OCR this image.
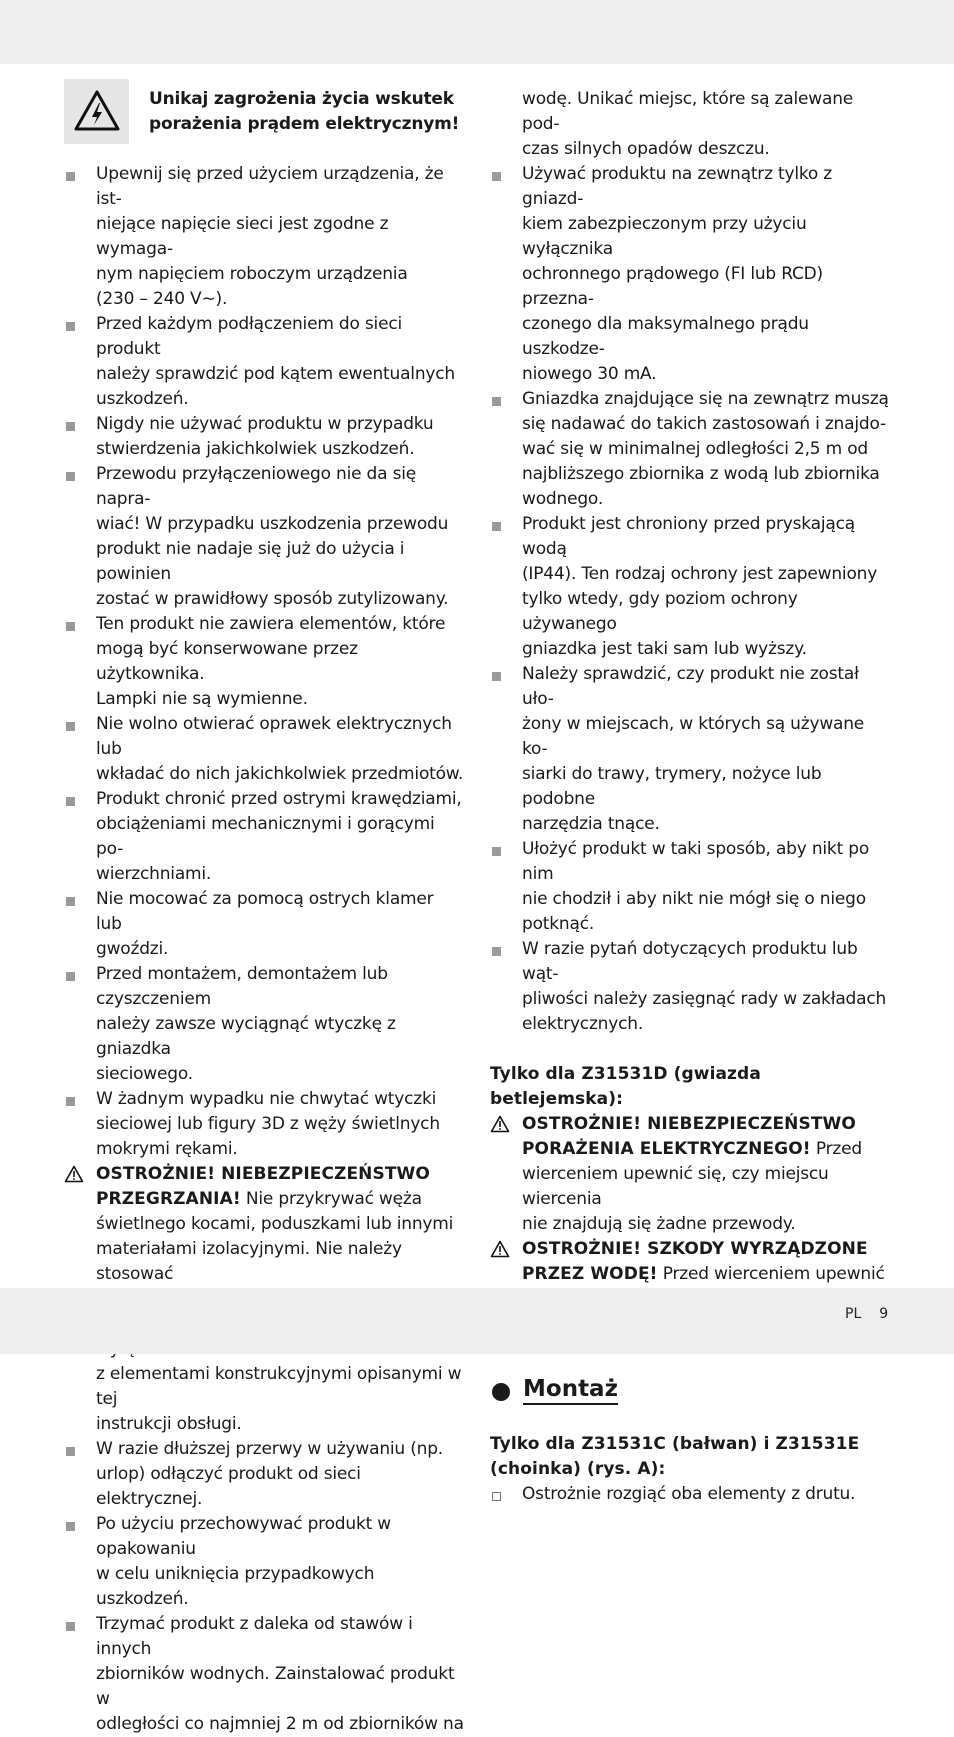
Unikaj zagrożenia życia wskutek
porażenia prądem elektrycznym!
Upewnij się przed użyciem urządzenia, że ist-
niejące napięcie sieci jest zgodne z wymaga-
nym napięciem roboczym urządzenia
(230 – 240 V∼).
Przed każdym podłączeniem do sieci produkt
należy sprawdzić pod kątem ewentualnych
uszkodzeń.
Nigdy nie używać produktu w przypadku
stwierdzenia jakichkolwiek uszkodzeń.
Przewodu przyłączeniowego nie da się napra-
wiać! W przypadku uszkodzenia przewodu
produkt nie nadaje się już do użycia i powinien
zostać w prawidłowy sposób zutylizowany.
Ten produkt nie zawiera elementów, które
mogą być konserwowane przez użytkownika.
Lampki nie są wymienne.
Nie wolno otwierać oprawek elektrycznych lub
wkładać do nich jakichkolwiek przedmiotów.
Produkt chronić przed ostrymi krawędziami,
obciążeniami mechanicznymi i gorącymi po-
wierzchniami.
Nie mocować za pomocą ostrych klamer lub
gwoździ.
Przed montażem, demontażem lub czyszczeniem
należy zawsze wyciągnąć wtyczkę z gniazdka
sieciowego.
W żadnym wypadku nie chwytać wtyczki
sieciowej lub figury 3D z węży świetlnych
mokrymi rękami.
OSTROŻNIE! NIEBEZPIECZEŃSTWO
PRZEGRZANIA! Nie przykrywać węża
świetlnego kocami, poduszkami lub innymi
materiałami izolacyjnymi. Nie należy stosować
z elementami konstrukcyjnymi opisanymi w tej
instrukcji obsługi.
W razie dłuższej przerwy w używaniu (np.
urlop) odłączyć produkt od sieci elektrycznej.
Po użyciu przechowywać produkt w opakowaniu
w celu uniknięcia przypadkowych uszkodzeń.
Trzymać produkt z daleka od stawów i innych
zbiorników wodnych. Zainstalować produkt w
odległości co najmniej 2 m od zbiorników na
wodę. Unikać miejsc, które są zalewane pod-
czas silnych opadów deszczu.
Używać produktu na zewnątrz tylko z gniazd-
kiem zabezpieczonym przy użyciu wyłącznika
ochronnego prądowego (FI lub RCD) przezna-
czonego dla maksymalnego prądu uszkodze-
niowego 30 mA.
Gniazdka znajdujące się na zewnątrz muszą
się nadawać do takich zastosowań i znajdo-
wać się w minimalnej odległości 2,5 m od
najbliższego zbiornika z wodą lub zbiornika
wodnego.
Produkt jest chroniony przed pryskającą wodą
(IP44). Ten rodzaj ochrony jest zapewniony
tylko wtedy, gdy poziom ochrony używanego
gniazdka jest taki sam lub wyższy.
Należy sprawdzić, czy produkt nie został uło-
żony w miejscach, w których są używane ko-
siarki do trawy, trymery, nożyce lub podobne
narzędzia tnące.
Ułożyć produkt w taki sposób, aby nikt po nim
nie chodził i aby nikt nie mógł się o niego
potknąć.
W razie pytań dotyczących produktu lub wąt-
pliwości należy zasięgnąć rady w zakładach
elektrycznych.
Tylko dla Z31531D (gwiazda
betlejemska):
OSTROŻNIE! NIEBEZPIECZEŃSTWO
PORAŻENIA ELEKTRYCZNEGO! Przed
wierceniem upewnić się, czy miejscu wiercenia
nie znajdują się żadne przewody.
OSTROŻNIE! SZKODY WYRZĄDZONE
PRZEZ WODĘ! Przed wierceniem upewnić
Montaż
Tylko dla Z31531C (bałwan) i Z31531E
(choinka) (rys. A):
Ostrożnie rozgiąć oba elementy z drutu.
PL 9
